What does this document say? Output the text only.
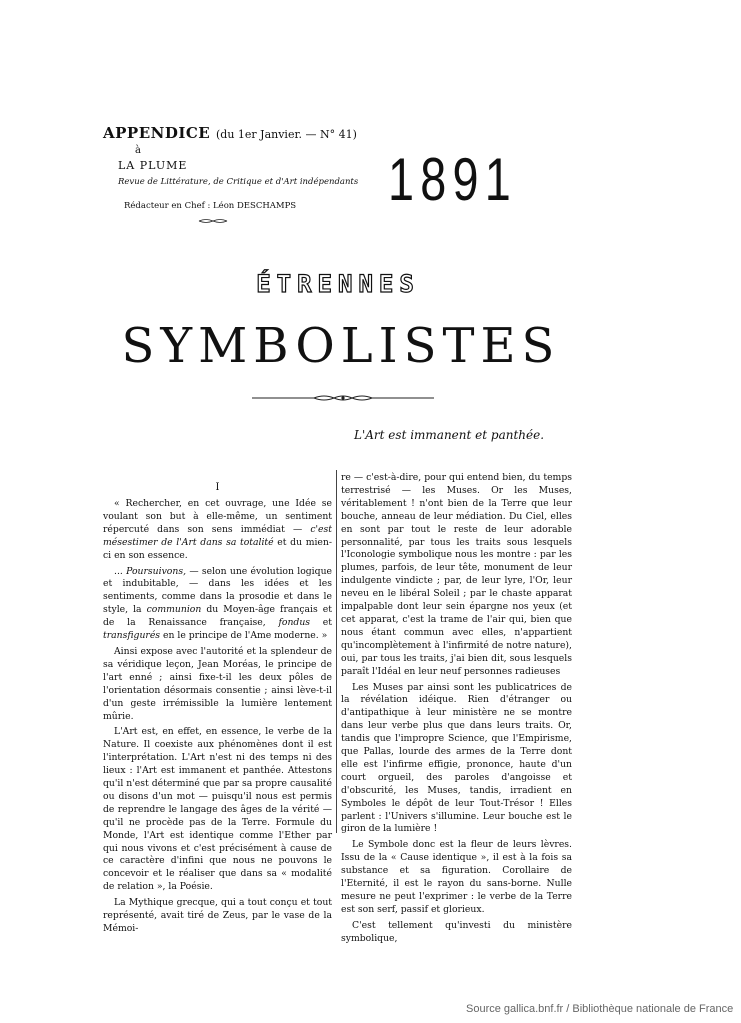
APPENDICE (du 1er Janvier. — N° 41)
à
LA PLUME
Revue de Littérature, de Critique et d'Art indépendants
Rédacteur en Chef : Léon DESCHAMPS 1891
ÉTRENNES
SYMBOLISTES
L'Art est immanent et panthée.
I

« Rechercher, en cet ouvrage, une Idée se voulant son but à elle-même, un sentiment répercuté dans son sens immédiat — c'est mésestimer de l'Art dans sa totalité et du mien-ci en son essence.

... Poursuivons, — selon une évolution logique et indubitable, — dans les idées et les sentiments, comme dans la prosodie et dans le style, la communion du Moyen-âge français et de la Renaissance française, fondus et transfigurés en le principe de l'Ame moderne. »

Ainsi expose avec l'autorité et la splendeur de sa véridique leçon, Jean Moréas, le principe de l'art enné ; ainsi fixe-t-il les deux pôles de l'orientation désormais consentie ; ainsi lève-t-il d'un geste irrémissible la lumière lentement mûrie.

L'Art est, en effet, en essence, le verbe de la Nature. Il coexiste aux phénomènes dont il est l'interprétation. L'Art n'est ni des temps ni des lieux : l'Art est immanent et panthée. Attestons qu'il n'est déterminé que par sa propre causalité ou disons d'un mot — puisqu'il nous est permis de reprendre le langage des âges de la vérité — qu'il ne procède pas de la Terre. Formule du Monde, l'Art est identique comme l'Ether par qui nous vivons et c'est précisément à cause de ce caractère d'infini que nous ne pouvons le concevoir et le réaliser que dans sa « modalité de relation », la Poésie.

La Mythique grecque, qui a tout conçu et tout représenté, avait tiré de Zeus, par le vase de la Mémoi-

re — c'est-à-dire, pour qui entend bien, du temps terrestrisé — les Muses. Or les Muses, véritablement ! n'ont bien de la Terre que leur bouche, anneau de leur médiation. Du Ciel, elles en sont par tout le reste de leur adorable personnalité, par tous les traits sous lesquels l'Iconologie symbolique nous les montre : par les plumes, parfois, de leur tête, monument de leur indulgente vindicte ; par, de leur lyre, l'Or, leur neveu en le libéral Soleil ; par le chaste apparat impalpable dont leur sein épargne nos yeux (et cet apparat, c'est la trame de l'air qui, bien que nous étant commun avec elles, n'appartient qu'incomplètement à l'infirmité de notre nature), oui, par tous les traits, j'ai bien dit, sous lesquels paraît l'Idéal en leur neuf personnes radieuses

Les Muses par ainsi sont les publicatrices de la révélation idéique. Rien d'étranger ou d'antipathique à leur ministère ne se montre dans leur verbe plus que dans leurs traits. Or, tandis que l'impropre Science, que l'Empirisme, que Pallas, lourde des armes de la Terre dont elle est l'infirme effigie, prononce, haute d'un court orgueil, des paroles d'angoisse et d'obscurité, les Muses, tandis, irradient en Symboles le dépôt de leur Tout-Trésor ! Elles parlent : l'Univers s'illumine. Leur bouche est le giron de la lumière !

Le Symbole donc est la fleur de leurs lèvres. Issu de la « Cause identique », il est à la fois sa substance et sa figuration. Corollaire de l'Eternité, il est le rayon du sans-borne. Nulle mesure ne peut l'exprimer : le verbe de la Terre est son serf, passif et glorieux.

C'est tellement qu'investi du ministère symbolique,

Source gallica.bnf.fr / Bibliothèque nationale de France
